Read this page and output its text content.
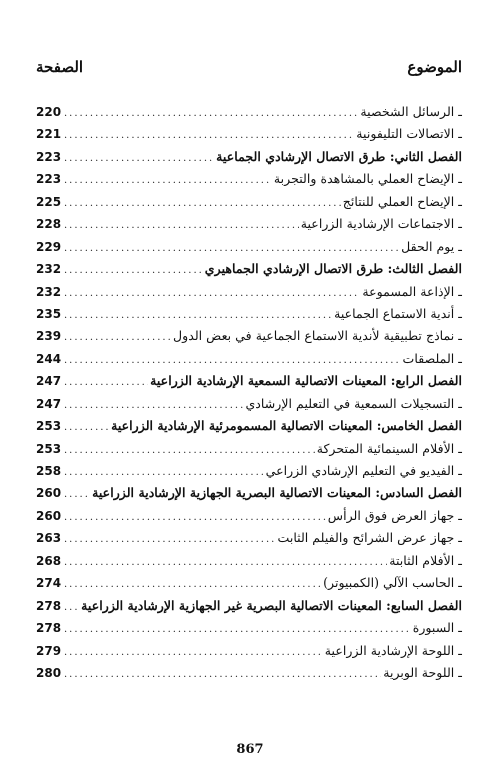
الموضوع
الصفحة
ـ الرسائل الشخصية
.....
220
ـ الاتصالات التليفونية
.....
221
الفصل الثاني: طرق الاتصال الإرشادي الجماعية
.....
223
ـ الإيضاح العملي بالمشاهدة والتجربة
.....
223
ـ الإيضاح العملي للنتائج
.....
225
ـ الاجتماعات الإرشادية الزراعية
.....
228
ـ يوم الحقل
.....
229
الفصل الثالث: طرق الاتصال الإرشادي الجماهيري
.....
232
ـ الإذاعة المسموعة
.....
232
ـ أندية الاستماع الجماعية
.....
235
ـ نماذج تطبيقية لأندية الاستماع الجماعية في بعض الدول
.....
239
ـ الملصقات
.....
244
الفصل الرابع: المعينات الاتصالية السمعية الإرشادية الزراعية
.....
247
ـ التسجيلات السمعية في التعليم الإرشادي
.....
247
الفصل الخامس: المعينات الاتصالية المسمومرئية الإرشادية الزراعية
.....
253
ـ الأفلام السينمائية المتحركة
.....
253
ـ الفيديو في التعليم الإرشادي الزراعي
.....
258
الفصل السادس: المعينات الاتصالية البصرية الجهازية الإرشادية الزراعية
.....
260
ـ جهاز العرض فوق الرأس
.....
260
ـ جهاز عرض الشرائح والفيلم الثابت
.....
263
ـ الأفلام الثابتة
.....
268
ـ الحاسب الآلي (الكمبيوتر)
.....
274
الفصل السابع: المعينات الاتصالية البصرية غير الجهازية الإرشادية الزراعية
.....
278
ـ السبورة
.....
278
ـ اللوحة الإرشادية الزراعية
.....
279
ـ اللوحة الوبرية
.....
280
867
